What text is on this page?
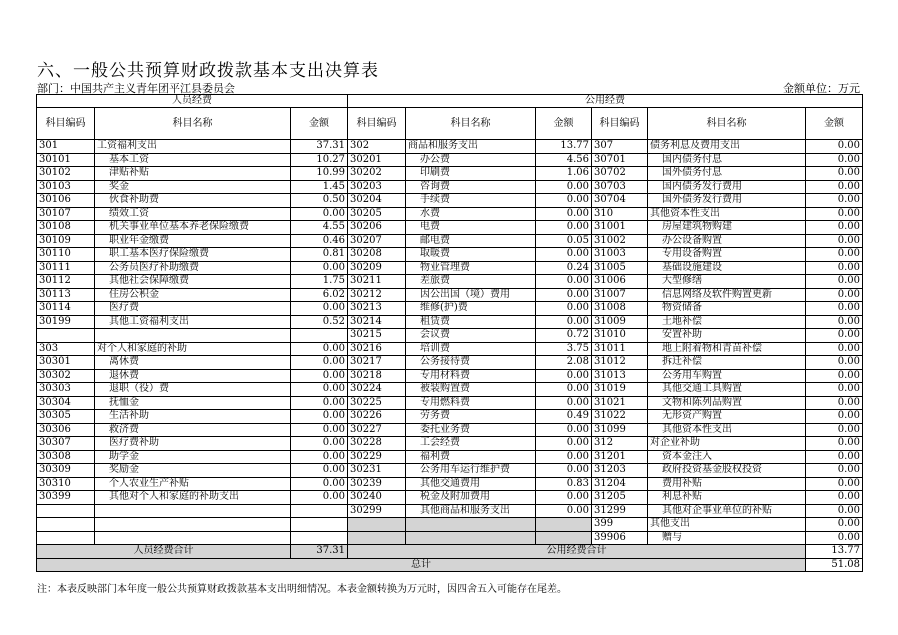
六、一般公共预算财政拨款基本支出决算表
部门：中国共产主义青年团平江县委员会	金额单位：万元
人员经费			公用经费					
科目编码	科目名称	金额	科目编码	科目名称	金额	科目编码	科目名称	金额
301	工资福利支出	37.31	302	商品和服务支出	13.77	307	债务利息及费用支出	0.00
30101	基本工资	10.27	30201	办公费	4.56	30701	国内债务付息	0.00
30102	津贴补贴	10.99	30202	印刷费	1.06	30702	国外债务付息	0.00
30103	奖金	1.45	30203	咨询费	0.00	30703	国内债务发行费用	0.00
30106	伙食补助费	0.50	30204	手续费	0.00	30704	国外债务发行费用	0.00
30107	绩效工资	0.00	30205	水费	0.00	310	其他资本性支出	0.00
30108	机关事业单位基本养老保险缴费	4.55	30206	电费	0.00	31001	房屋建筑物购建	0.00
30109	职业年金缴费	0.46	30207	邮电费	0.05	31002	办公设备购置	0.00
30110	职工基本医疗保险缴费	0.81	30208	取暖费	0.00	31003	专用设备购置	0.00
30111	公务员医疗补助缴费	0.00	30209	物业管理费	0.24	31005	基础设施建设	0.00
30112	其他社会保障缴费	1.75	30211	差旅费	0.00	31006	大型修缮	0.00
30113	住房公积金	6.02	30212	因公出国（境）费用	0.00	31007	信息网络及软件购置更新	0.00
30114	医疗费	0.00	30213	维修(护)费	0.00	31008	物资储备	0.00
30199	其他工资福利支出	0.52	30214	租赁费	0.00	31009	土地补偿	0.00
			30215	会议费	0.72	31010	安置补助	0.00
303	对个人和家庭的补助	0.00	30216	培训费	3.75	31011	地上附着物和青苗补偿	0.00
30301	离休费	0.00	30217	公务接待费	2.08	31012	拆迁补偿	0.00
30302	退休费	0.00	30218	专用材料费	0.00	31013	公务用车购置	0.00
30303	退职（役）费	0.00	30224	被装购置费	0.00	31019	其他交通工具购置	0.00
30304	抚恤金	0.00	30225	专用燃料费	0.00	31021	文物和陈列品购置	0.00
30305	生活补助	0.00	30226	劳务费	0.49	31022	无形资产购置	0.00
30306	救济费	0.00	30227	委托业务费	0.00	31099	其他资本性支出	0.00
30307	医疗费补助	0.00	30228	工会经费	0.00	312	对企业补助	0.00
30308	助学金	0.00	30229	福利费	0.00	31201	资本金注入	0.00
30309	奖励金	0.00	30231	公务用车运行维护费	0.00	31203	政府投资基金股权投资	0.00
30310	个人农业生产补贴	0.00	30239	其他交通费用	0.83	31204	费用补贴	0.00
30399	其他对个人和家庭的补助支出	0.00	30240	税金及附加费用	0.00	31205	利息补贴	0.00
			30299	其他商品和服务支出	0.00	31299	其他对企事业单位的补贴	0.00
						399	其他支出	0.00
						39906	赠与	0.00
人员经费合计		37.31	公用经费合计					13.77
总计								51.08
注：本表反映部门本年度一般公共预算财政拨款基本支出明细情况。本表金额转换为万元时，因四舍五入可能存在尾差。
